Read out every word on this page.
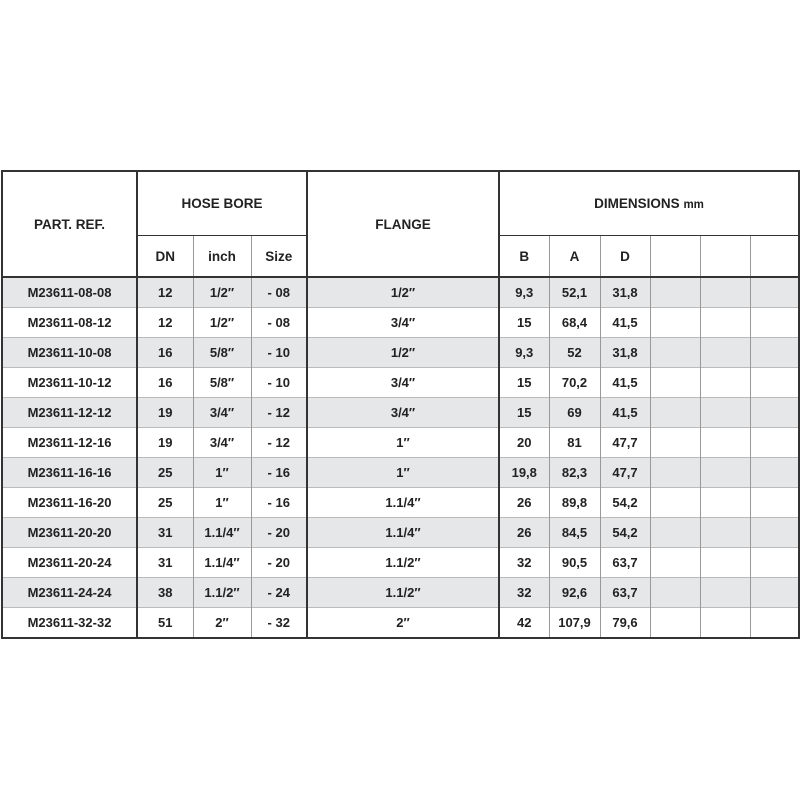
PART. REF.	HOSE BORE			FLANGE	DIMENSIONS mm					
	DN	inch	Size		B	A	D			
M23611-08-08	12	1/2″	- 08	1/2″	9,3	52,1	31,8			
M23611-08-12	12	1/2″	- 08	3/4″	15	68,4	41,5			
M23611-10-08	16	5/8″	- 10	1/2″	9,3	52	31,8			
M23611-10-12	16	5/8″	- 10	3/4″	15	70,2	41,5			
M23611-12-12	19	3/4″	- 12	3/4″	15	69	41,5			
M23611-12-16	19	3/4″	- 12	1″	20	81	47,7			
M23611-16-16	25	1″	- 16	1″	19,8	82,3	47,7			
M23611-16-20	25	1″	- 16	1.1/4″	26	89,8	54,2			
M23611-20-20	31	1.1/4″	- 20	1.1/4″	26	84,5	54,2			
M23611-20-24	31	1.1/4″	- 20	1.1/2″	32	90,5	63,7			
M23611-24-24	38	1.1/2″	- 24	1.1/2″	32	92,6	63,7			
M23611-32-32	51	2″	- 32	2″	42	107,9	79,6			
